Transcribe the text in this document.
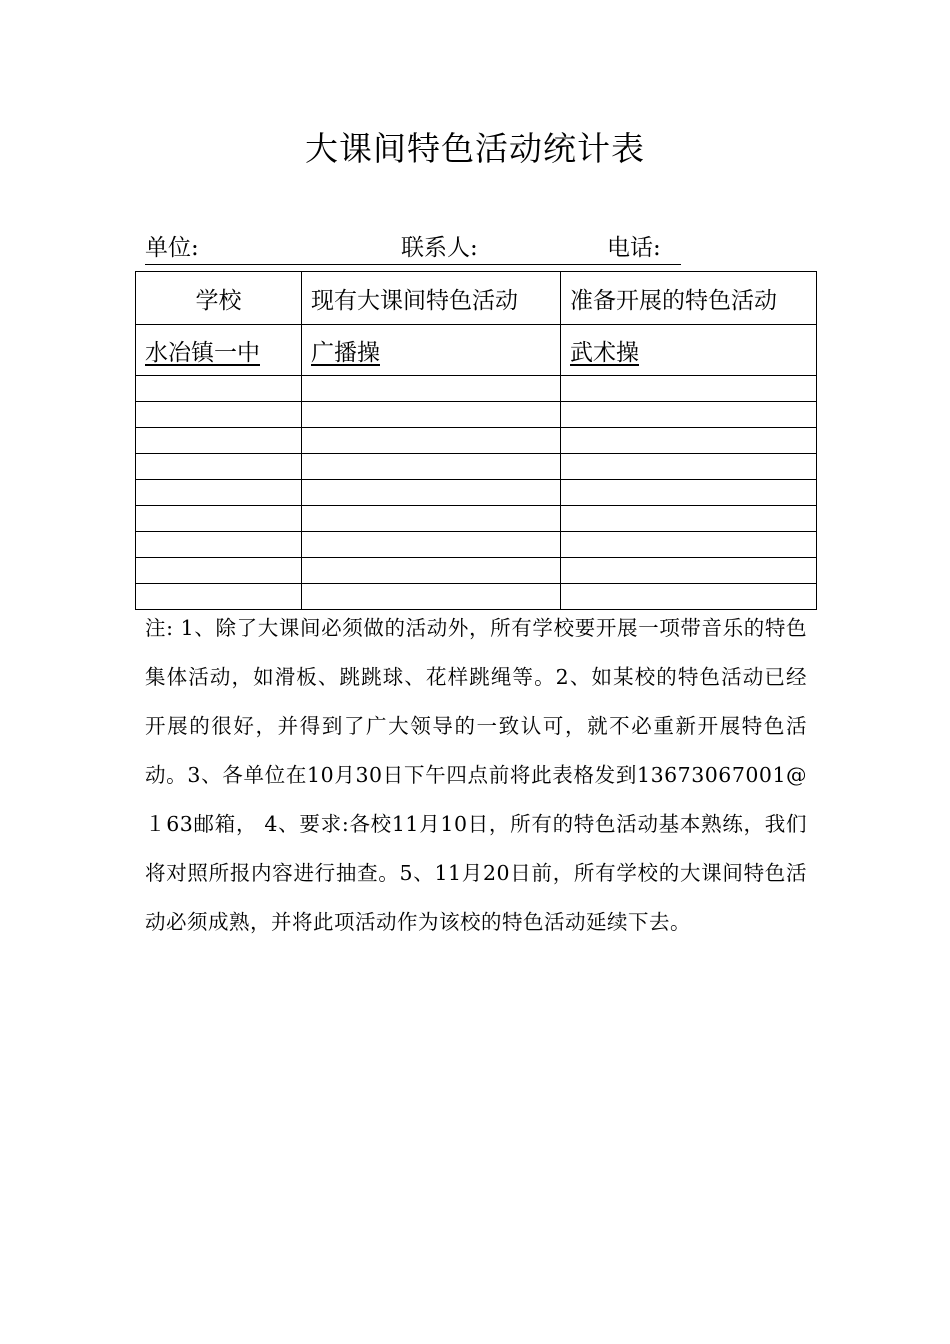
大课间特色活动统计表
单位:	联系人:	电话:
学校	现有大课间特色活动	准备开展的特色活动
水冶镇一中	广播操	武术操

注: 1、除了大课间必须做的活动外，所有学校要开展一项带音乐的特色集体活动，如滑板、跳跳球、花样跳绳等。2、如某校的特色活动已经开展的很好，并得到了广大领导的一致认可，就不必重新开展特色活动。3、各单位在10月30日下午四点前将此表格发到13673067001@１63邮箱， 4、要求:各校11月10日，所有的特色活动基本熟练，我们将对照所报内容进行抽查。5、11月20日前，所有学校的大课间特色活动必须成熟，并将此项活动作为该校的特色活动延续下去。
